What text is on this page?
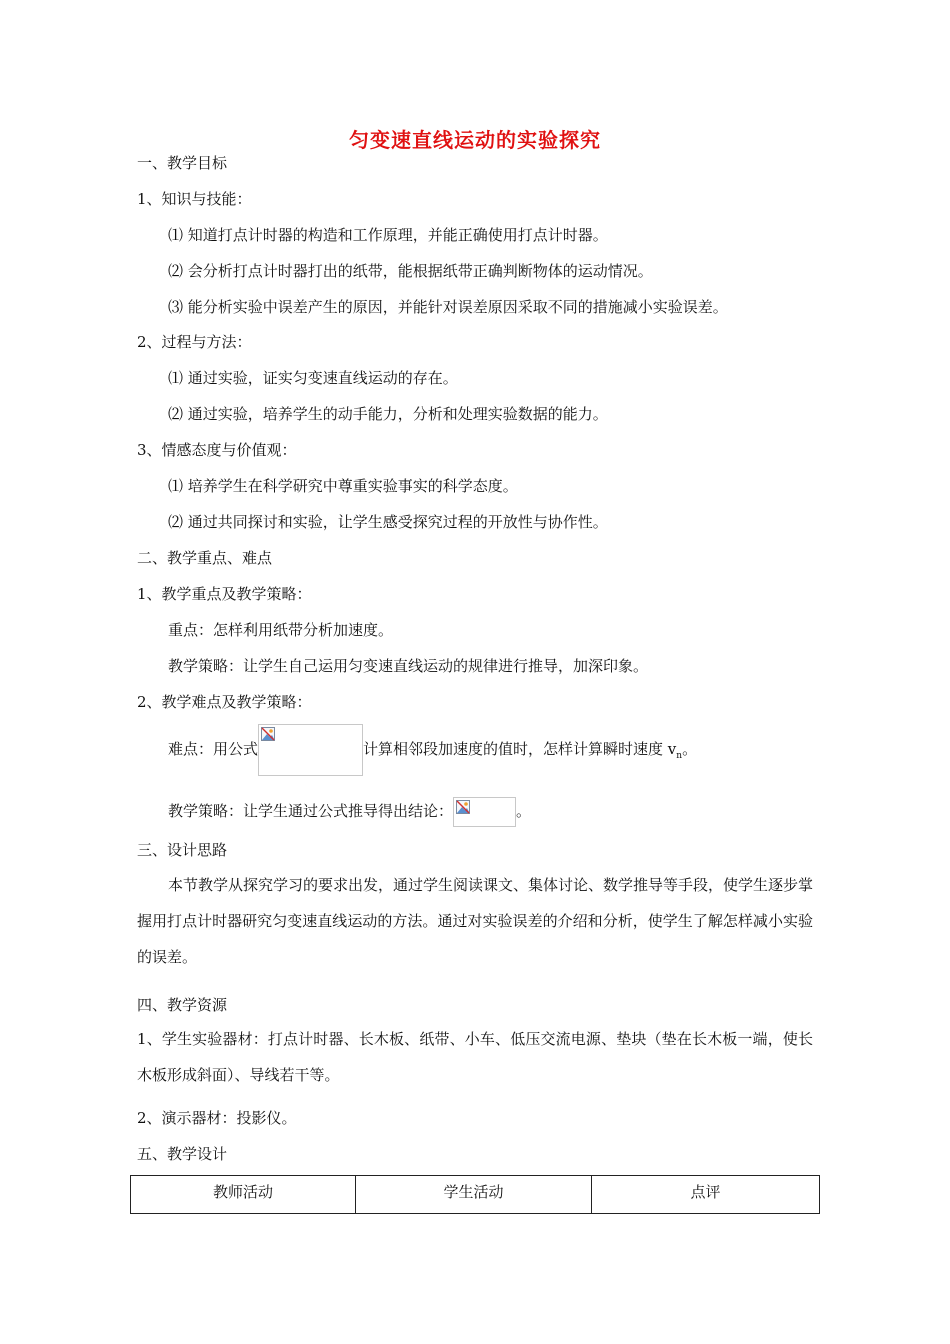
匀变速直线运动的实验探究
一、教学目标
1、知识与技能：
⑴ 知道打点计时器的构造和工作原理，并能正确使用打点计时器。
⑵ 会分析打点计时器打出的纸带，能根据纸带正确判断物体的运动情况。
⑶ 能分析实验中误差产生的原因，并能针对误差原因采取不同的措施减小实验误差。
2、过程与方法：
⑴ 通过实验，证实匀变速直线运动的存在。
⑵ 通过实验，培养学生的动手能力，分析和处理实验数据的能力。
3、情感态度与价值观：
⑴ 培养学生在科学研究中尊重实验事实的科学态度。
⑵ 通过共同探讨和实验，让学生感受探究过程的开放性与协作性。
二、教学重点、难点
1、教学重点及教学策略：
重点：怎样利用纸带分析加速度。
教学策略：让学生自己运用匀变速直线运动的规律进行推导，加深印象。
2、教学难点及教学策略：
难点：用公式	计算相邻段加速度的值时，怎样计算瞬时速度 $v_n$。
教学策略：让学生通过公式推导得出结论：	。
三、设计思路
本节教学从探究学习的要求出发，通过学生阅读课文、集体讨论、数学推导等手段，使学生逐步掌握用打点计时器研究匀变速直线运动的方法。通过对实验误差的介绍和分析，使学生了解怎样减小实验的误差。
四、教学资源
1、学生实验器材：打点计时器、长木板、纸带、小车、低压交流电源、垫块（垫在长木板一端，使长木板形成斜面）、导线若干等。
2、演示器材：投影仪。
五、教学设计
教师活动	学生活动	点评
